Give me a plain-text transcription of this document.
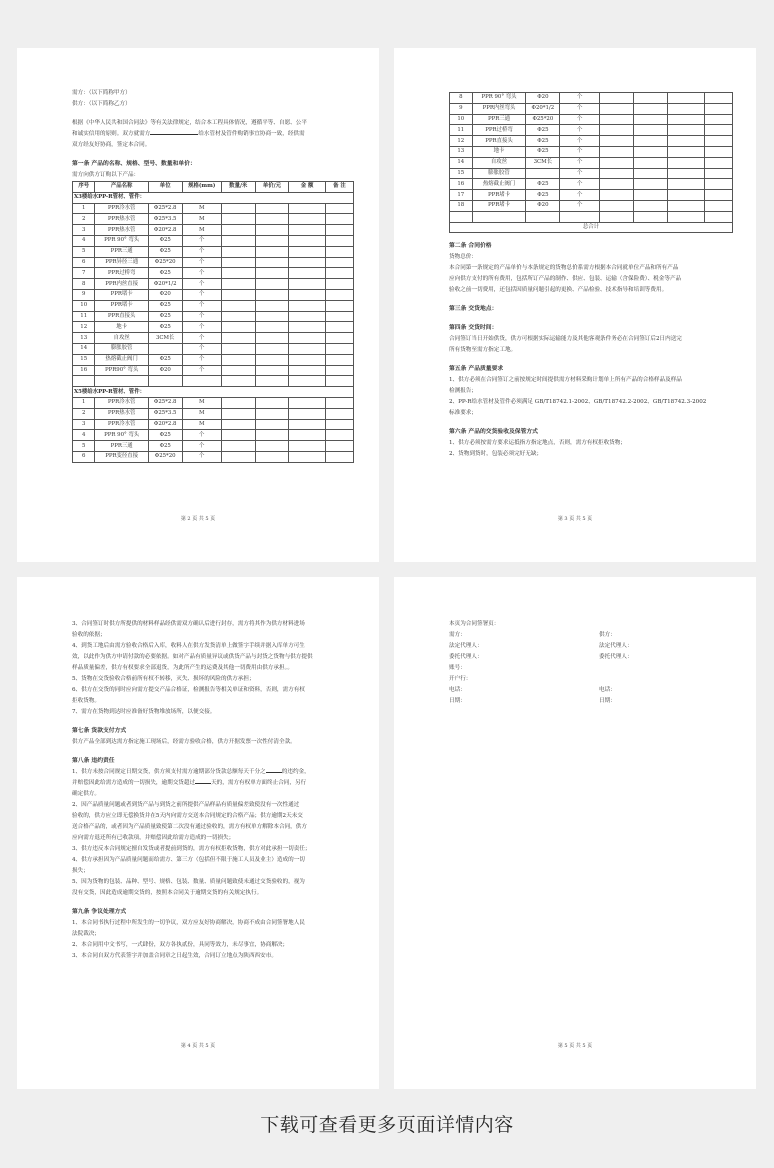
需方：（以下简称甲方）
供方：（以下简称乙方）
根据《中华人民共和国合同法》等有关法律规定，结合本工程具体情况，遵循平等、自愿、公平
和诚实信用的原则。双方就需方	给水管材及管件购销事宜协商一致，经供需
双方经友好协商，签定本合同。
第一条 产品的名称、规格、型号、数量和单价：
需方向供方订购以下产品：
序号	产品名称	单位	规格(mm)	数量/米	单价/元	金 额	备 注
X3楼给水PP-R管材、管件：							
1	PPR冷水管	Φ25*2.8	M				
2	PPR热水管	Φ25*3.5	M				
3	PPR热水管	Φ20*2.8	M				
4	PPR 90° 弯头	Φ25	个				
5	PPR三通	Φ25	个				
6	PPR异径三通	Φ25*20	个				
7	PPR过桥弯	Φ25	个				
8	PPR内丝直接	Φ20*1/2	个				
9	PPR堵卡	Φ20	个				
10	PPR堵卡	Φ25	个				
11	PPR直接头	Φ25	个				
12	地卡	Φ25	个				
13	自攻丝	3CM长	个				
14	膨胀胶管		个				
15	热熔截止阀门	Φ25	个				
16	PPR90° 弯头	Φ20	个				

X5楼给水PP-R管材、管件：							
1	PPR冷水管	Φ25*2.8	M				
2	PPR热水管	Φ25*3.5	M				
3	PPR冷水管	Φ20*2.8	M				
4	PPR 90° 弯头	Φ25	个				
5	PPR三通	Φ25	个				
6	PPR变径直接	Φ25*20	个				
第 2 页 共 5 页
8	PPR 90° 弯头	Φ20	个				
9	PPR内丝弯头	Φ20*1/2	个				
10	PPR三通	Φ25*20	个				
11	PPR过桥弯	Φ25	个				
12	PPR直接头	Φ25	个				
13	地卡	Φ25	个				
14	自攻丝	3CM长	个				
15	膨胀胶管		个				
16	热熔截止阀门	Φ25	个				
17	PPR堵卡	Φ25	个				
18	PPR堵卡	Φ20	个				

总合计							
第二条 合同价格
货物总价：
本合同第一条规定的产品单价与本条规定的货物总价系需方根据本合同就单位产品和所有产品
应向供方支付的所有费用，包括所订产品的制作、供应、包装、运输（含保险费）、税金等产品
验收之前一切费用，还包括因质量问题引起的更换、产品检验、技术指导和培训等费用。
第三条 交货地点：
第四条 交货时间：
合同签订当日开始供货，供方可根据实际运输能力及其他客观条件务必在合同签订后2日内送完
所有货物至需方指定工地。
第五条 产品质量要求
1、供方必须在合同签订之前按规定时间提供需方材料采购计划单上所有产品的合格样品及样品
检测报告；
2、PP-R给水管材及管件必须满足 GB/T18742.1-2002、GB/T18742.2-2002、GB/T18742.3-2002
标准要求；
第六条 产品的交货验收及保管方式
1、供方必须按需方要求运抵指方指定地点，否则，需方有权拒收货物；
2、货物到货时，包装必须完好无缺；
第 3 页 共 5 页
3、合同签订时供方所提供的材料样品经供需双方确认后进行封存，需方将其作为供方材料进场
验收的依据；
4、到货工地后由需方验收合格后入库，收料人在供方发货清单上做签字手续并据入库单方可生
效，以此作为供方申请付款的必要依据。如对产品有质量异议或供货产品与封货之货物与供方提供
样品质量偏差，供方有权要求全部退货，为此所产生的运费及其他一切费用由供方承担。。
5、货物在交货验收合格前所有权不转移，灭失、损坏的风险的供方承担；
6、供方在交货的同时应向需方提交产品合格证，检测报告等相关单证和资料，否则，需方有权
拒收货物。
7、需方在货物到达时应准备好货物堆放场所，以便交接。
第七条 货款支付方式
供方产品全部到达需方指定施工现场后，经需方验收合格，供方开据发票一次性付清全款。
第八条 违约责任
1、供方未按合同规定日期交货，供方须支付需方逾期部分货款总额每天千分之	的违约金，
并赔偿因此给需方造成的一切损失，逾期交货超过	天的，需方有权单方面终止合同，另行
确定供方。
2、因产品质量问题或者到货产品与到货之前所提供产品样品有质量偏差致使没有一次性通过
验收的，供方应立即无偿换货并在5天内向需方交送本合同规定的合格产品；供方逾期2天未交
送合格产品的，或者因为产品质量致使第二次没有通过验收的，需方有权单方解除本合同，供方
应向需方退还所有已收款项，并赔偿因此给需方造成的一切损失；
3、供方违反本合同规定擅自发货或者提前到货的，需方有权拒收货物，供方对此承担一切责任；
4、供方承担因为产品质量问题而给需方、第三方（包括但不限于施工人员及业主）造成的一切
损失；
5、因为货物的包装、品种、型号、规格、包装、数量、质量问题致使未通过交货验收的，视为
没有交货，因此造成逾期交货的，按照本合同关于逾期交货的有关规定执行。
第九条 争议处理方式
1、本合同书执行过程中所发生的一切争议，双方应友好协商解决，协商不成由合同签署地人民
法院裁决；
2、本合同用中文书写，一式肆份，双方各执贰份，具同等效力，未尽事宜，协商解决；
3、本合同自双方代表签字并加盖合同章之日起生效，合同订立地点为陕西西安市。
第 4 页 共 5 页
本页为合同签署页：
需方：	供方：
法定代理人：	法定代理人：
委托代理人：	委托代理人：
账号：
开户行：
电话：	电话：
日期：	日期：
第 5 页 共 5 页
下载可查看更多页面详情内容
